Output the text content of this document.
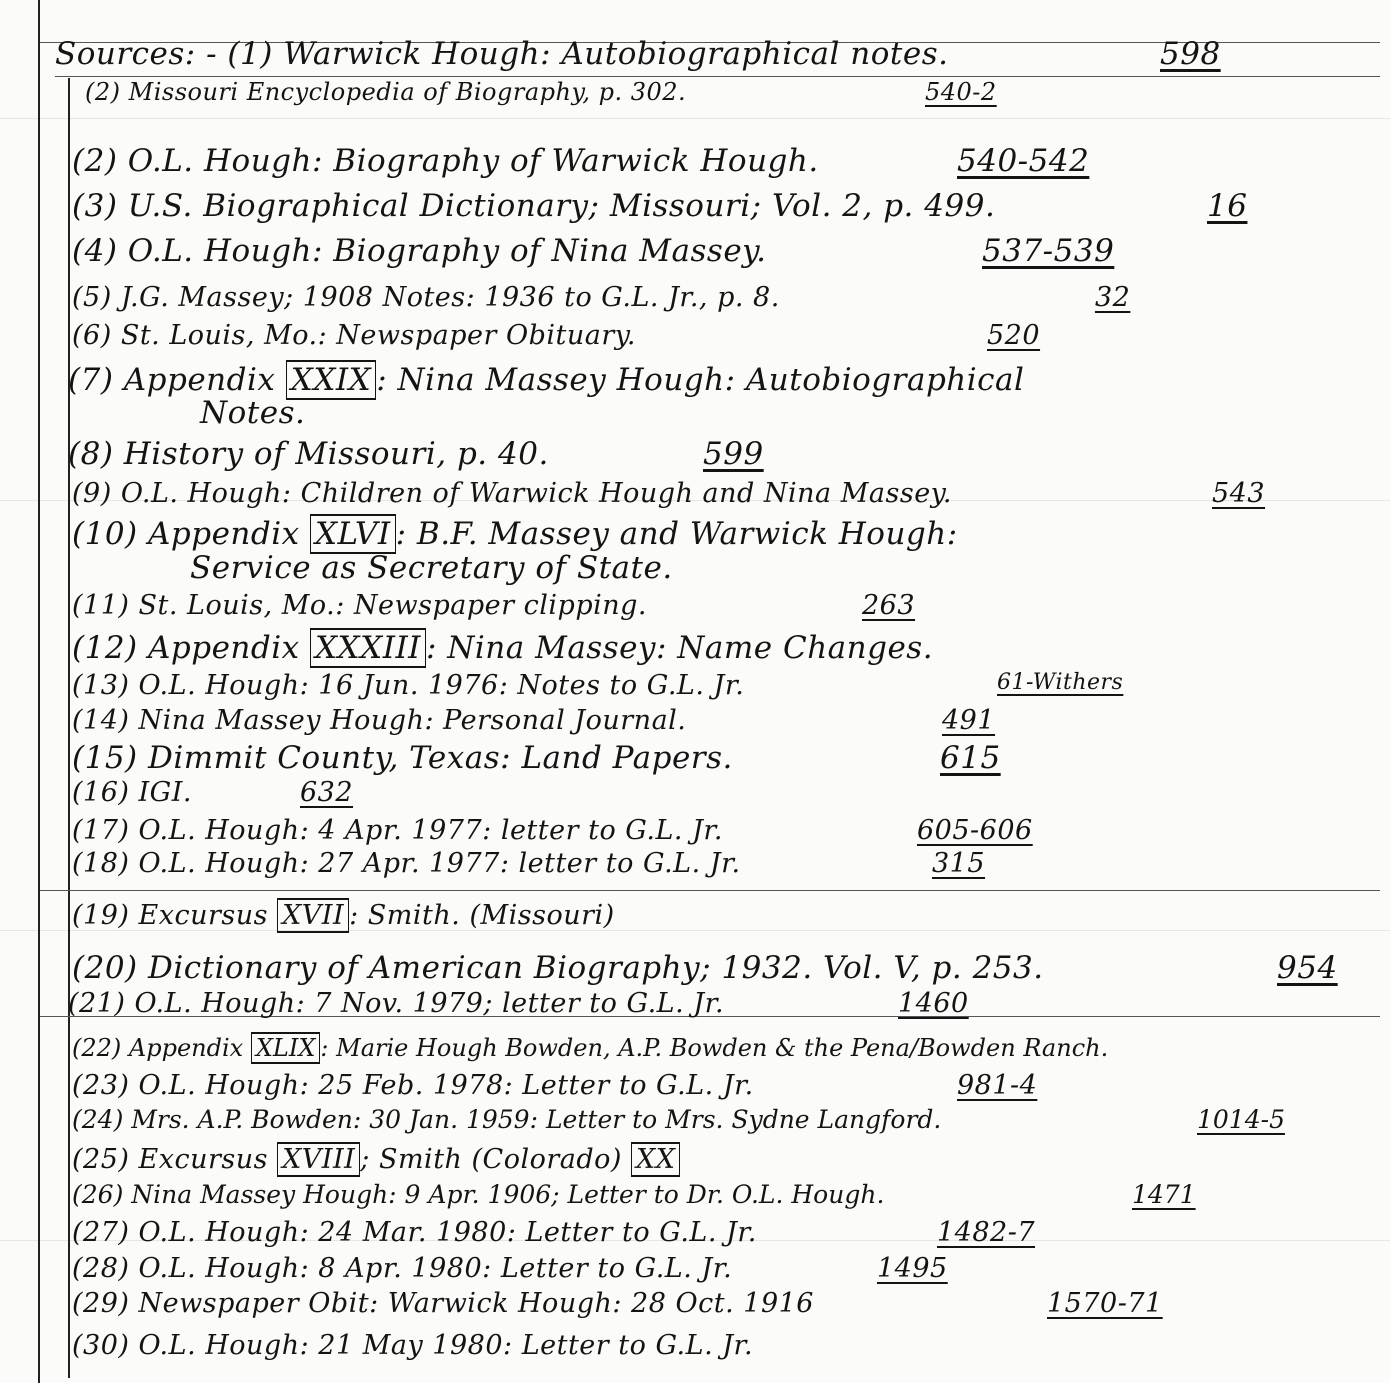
Sources: - (1) Warwick Hough: Autobiographical notes.	598
(2) Missouri Encyclopedia of Biography, p. 302.	540-2
(2) O.L. Hough: Biography of Warwick Hough.	540-542
(3) U.S. Biographical Dictionary; Missouri; Vol. 2, p. 499.	16
(4) O.L. Hough: Biography of Nina Massey.	537-539
(5) J.G. Massey; 1908 Notes: 1936 to G.L. Jr., p. 8.	32
(6) St. Louis, Mo.: Newspaper Obituary.	520
(7) Appendix XXIX : Nina Massey Hough: Autobiographical
Notes.
(8) History of Missouri, p. 40.	599
(9) O.L. Hough: Children of Warwick Hough and Nina Massey.	543
(10) Appendix XLVI : B.F. Massey and Warwick Hough:
Service as Secretary of State.
(11) St. Louis, Mo.: Newspaper clipping.	263
(12) Appendix XXXIII : Nina Massey: Name Changes.
(13) O.L. Hough: 16 Jun. 1976: Notes to G.L. Jr.	61-Withers
(14) Nina Massey Hough: Personal Journal.	491
(15) Dimmit County, Texas: Land Papers.	615
(16) IGI.	632
(17) O.L. Hough: 4 Apr. 1977: letter to G.L. Jr.	605-606
(18) O.L. Hough: 27 Apr. 1977: letter to G.L. Jr.	315
(19) Excursus XVII : Smith. (Missouri)
(20) Dictionary of American Biography; 1932. Vol. V, p. 253.	954
(21) O.L. Hough: 7 Nov. 1979; letter to G.L. Jr.	1460
(22) Appendix XLIX : Marie Hough Bowden, A.P. Bowden & the Pena/Bowden Ranch.
(23) O.L. Hough: 25 Feb. 1978: Letter to G.L. Jr.	981-4
(24) Mrs. A.P. Bowden: 30 Jan. 1959: Letter to Mrs. Sydne Langford.	1014-5
(25) Excursus XVIII ; Smith (Colorado) XX
(26) Nina Massey Hough: 9 Apr. 1906; Letter to Dr. O.L. Hough.	1471
(27) O.L. Hough: 24 Mar. 1980: Letter to G.L. Jr.	1482-7
(28) O.L. Hough: 8 Apr. 1980: Letter to G.L. Jr.	1495
(29) Newspaper Obit: Warwick Hough: 28 Oct. 1916	1570-71
(30) O.L. Hough: 21 May 1980: Letter to G.L. Jr.
